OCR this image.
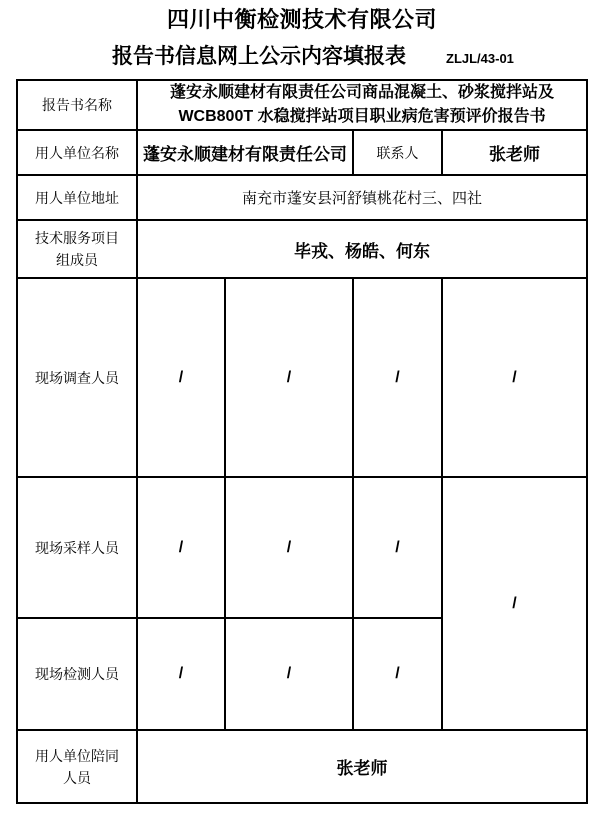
四川中衡检测技术有限公司
报告书信息网上公示内容填报表	ZLJL/43-01
报告书名称	蓬安永顺建材有限责任公司商品混凝土、砂浆搅拌站及
WCB800T 水稳搅拌站项目职业病危害预评价报告书			

用人单位名称	蓬安永顺建材有限责任公司		联系人	张老师
用人单位地址	南充市蓬安县河舒镇桃花村三、四社			

技术服务项目
组成员	毕戎、杨皓、何东			
现场调查人员	/	/	/	/
现场采样人员	/	/	/	/
现场检测人员	/	/	/	

用人单位陪同
人员	张老师			
